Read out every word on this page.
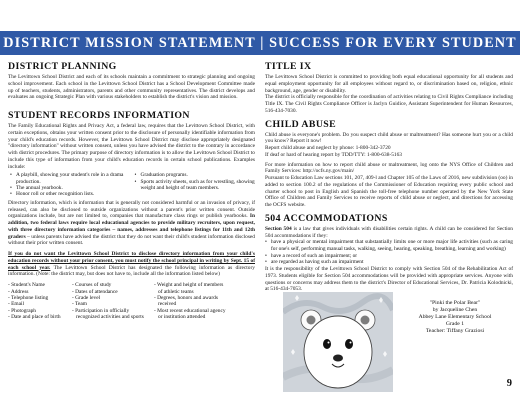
DISTRICT MISSION STATEMENT | SUCCESS FOR EVERY STUDENT
DISTRICT PLANNING
The Levittown School District and each of its schools maintain a commitment to strategic planning and ongoing school improvement. Each school in the Levittown School District has a School Development Committee made up of teachers, students, administrators, parents and other community representatives. The district develops and evaluates an ongoing Strategic Plan with various stakeholders to establish the district's vision and mission.
STUDENT RECORDS INFORMATION
The Family Educational Rights and Privacy Act, a federal law, requires that the Levittown School District, with certain exceptions, obtains your written consent prior to the disclosure of personally identifiable information from your child's education records. However, the Levittown School District may disclose appropriately designated "directory information" without written consent, unless you have advised the district to the contrary in accordance with district procedures. The primary purpose of directory information is to allow the Levittown School District to include this type of information from your child's education records in certain school publications. Examples include:
• A playbill, showing your student's role in a drama production.
• The annual yearbook.
• Honor roll or other recognition lists.
• Graduation programs.
• Sports activity sheets, such as for wrestling, showing weight and height of team members.
Directory information, which is information that is generally not considered harmful or an invasion of privacy, if released, can also be disclosed to outside organizations without a parent's prior written consent. Outside organizations include, but are not limited to, companies that manufacture class rings or publish yearbooks. In addition, two federal laws require local educational agencies to provide military recruiters, upon request, with three directory information categories – names, addresses and telephone listings for 11th and 12th graders – unless parents have advised the district that they do not want their child's student information disclosed without their prior written consent.
If you do not want the Levittown School District to disclose directory information from your child's education records without your prior consent, you must notify the school principal in writing by Sept. 15 of each school year. The Levittown School District has designated the following information as directory information. (Note: the district may, but does not have to, include all the information listed below)
- Student's Name
- Address
- Telephone listing
- Email
- Photograph
- Date and place of birth
- Courses of study
- Dates of attendance
- Grade level
- Team
- Participation in officially
recognized activities and sports
- Weight and height of members
of athletic teams
- Degrees, honors and awards
received
- Most recent educational agency
or institution attended
TITLE IX
The Levittown School District is committed to providing both equal educational opportunity for all students and equal employment opportunity for all employees without regard to, or discrimination based on, religion, ethnic background, age, gender or disability.
The district is officially responsible for the coordination of activities relating to Civil Rights Compliance including Title IX. The Civil Rights Compliance Officer is Jaclyn Guidice, Assistant Superintendent for Human Resources, 516-434-7030.
CHILD ABUSE
Child abuse is everyone's problem. Do you suspect child abuse or maltreatment? Has someone hurt you or a child you know? Report it now!
Report child abuse and neglect by phone: 1-800-342-3720
If deaf or hard of hearing report by TDD/TTY: 1-800-638-5163
For more information on how to report child abuse or maltreatment, log onto the NYS Office of Children and Family Services: http://ocfs.ny.gov/main/
Pursuant to Education Law sections 101, 207, 409-l and Chapter 105 of the Laws of 2016, new subdivision (oo) in added to section 100.2 of the regulations of the Commissioner of Education requiring every public school and charter school to post in English and Spanish the toll-free telephone number operated by the New York State Office of Children and Family Services to receive reports of child abuse or neglect, and directions for accessing the OCFS website.
504 ACCOMMODATIONS
Section 504 is a law that gives individuals with disabilities certain rights. A child can be considered for Section 504 accommodations if they:
• have a physical or mental impairment that substantially limits one or more major life activities (such as caring for one's self, performing manual tasks, walking, seeing, hearing, speaking, breathing, learning and working)
• have a record of such an impairment; or
• are regarded as having such an impairment
It is the responsibility of the Levittown School District to comply with Section 504 of the Rehabilitation Act of 1973. Students eligible for Section 504 accommodations will be provided with appropriate services. Anyone with questions or concerns may address them to the district's Director of Educational Services, Dr. Patricia Kolodnicki, at 516-434-7053.
"Pinki the Polar Bear"
by Jacqueline Chen
Abbey Lane Elementary School
Grade 1
Teacher: Tiffany Graziosi
9
